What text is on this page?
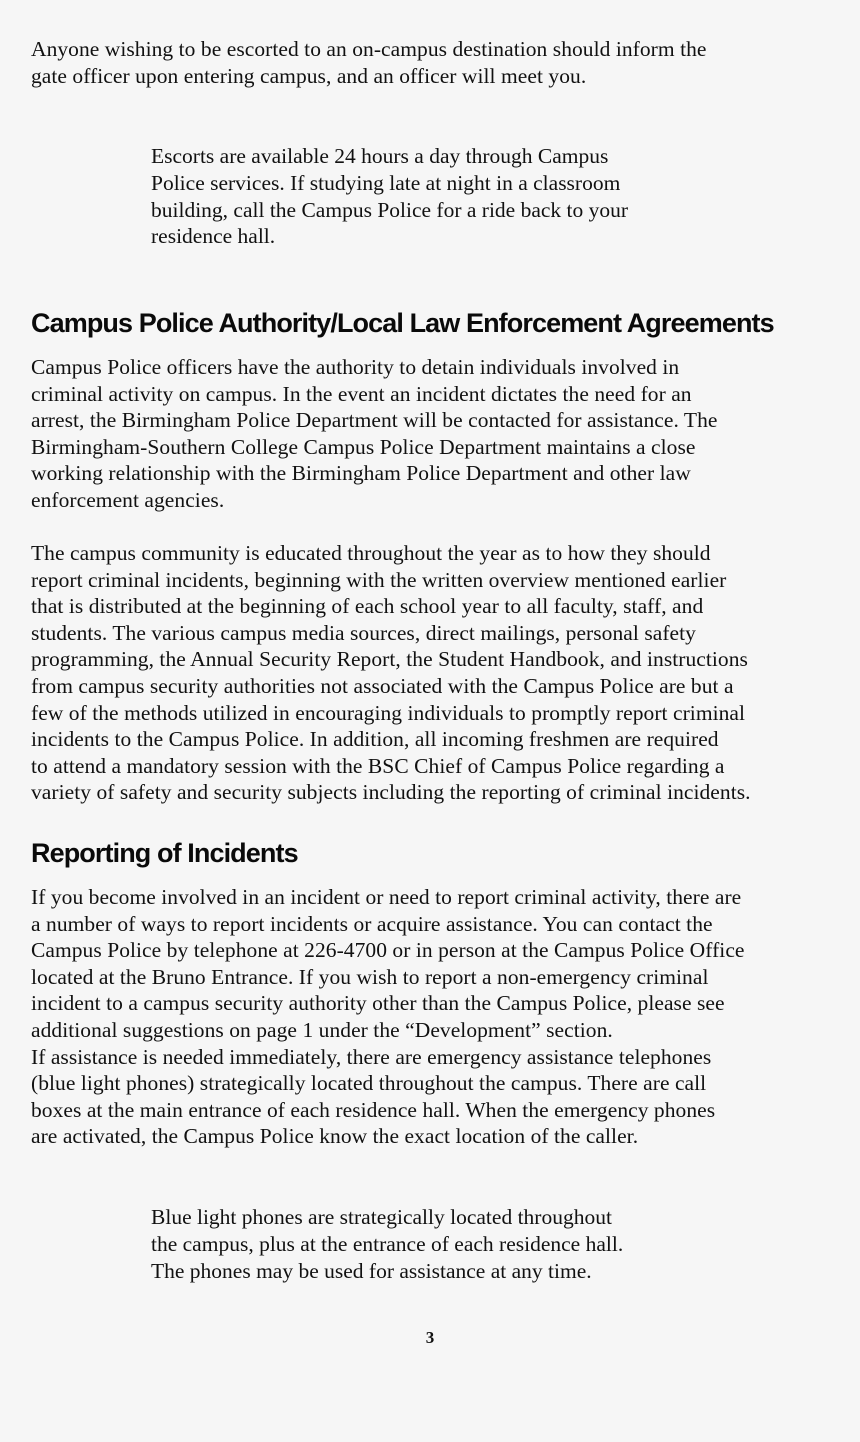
Anyone wishing to be escorted to an on-campus destination should inform the
gate officer upon entering campus, and an officer will meet you.

Escorts are available 24 hours a day through Campus
Police services. If studying late at night in a classroom
building, call the Campus Police for a ride back to your
residence hall.

Campus Police Authority/Local Law Enforcement Agreements

Campus Police officers have the authority to detain individuals involved in
criminal activity on campus. In the event an incident dictates the need for an
arrest, the Birmingham Police Department will be contacted for assistance. The
Birmingham-Southern College Campus Police Department maintains a close
working relationship with the Birmingham Police Department and other law
enforcement agencies.

The campus community is educated throughout the year as to how they should
report criminal incidents, beginning with the written overview mentioned earlier
that is distributed at the beginning of each school year to all faculty, staff, and
students. The various campus media sources, direct mailings, personal safety
programming, the Annual Security Report, the Student Handbook, and instructions
from campus security authorities not associated with the Campus Police are but a
few of the methods utilized in encouraging individuals to promptly report criminal
incidents to the Campus Police. In addition, all incoming freshmen are required
to attend a mandatory session with the BSC Chief of Campus Police regarding a
variety of safety and security subjects including the reporting of criminal incidents.

Reporting of Incidents

If you become involved in an incident or need to report criminal activity, there are
a number of ways to report incidents or acquire assistance. You can contact the
Campus Police by telephone at 226-4700 or in person at the Campus Police Office
located at the Bruno Entrance. If you wish to report a non-emergency criminal
incident to a campus security authority other than the Campus Police, please see
additional suggestions on page 1 under the “Development” section.
If assistance is needed immediately, there are emergency assistance telephones
(blue light phones) strategically located throughout the campus. There are call
boxes at the main entrance of each residence hall. When the emergency phones
are activated, the Campus Police know the exact location of the caller.

Blue light phones are strategically located throughout
the campus, plus at the entrance of each residence hall.
The phones may be used for assistance at any time.

3
